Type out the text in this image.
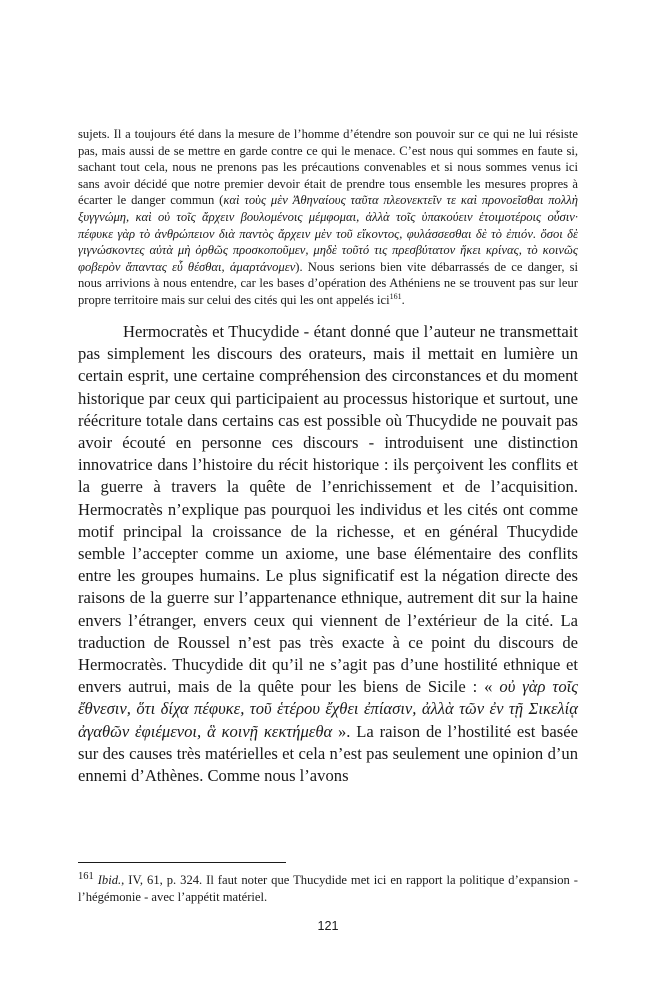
sujets. Il a toujours été dans la mesure de l’homme d’étendre son pouvoir sur ce qui ne lui résiste pas, mais aussi de se mettre en garde contre ce qui le menace. C’est nous qui sommes en faute si, sachant tout cela, nous ne prenons pas les précautions convenables et si nous sommes venus ici sans avoir décidé que notre premier devoir était de prendre tous ensemble les mesures propres à écarter le danger commun (καὶ τοὺς μὲν Ἀθηναίους ταῦτα πλεονεκτεῖν τε καὶ προνοεῖσθαι πολλὴ ξυγγνώμη, καὶ οὐ τοῖς ἄρχειν βουλομένοις μέμφομαι, ἀλλὰ τοῖς ὑπακούειν ἑτοιμοτέροις οὖσιν· πέφυκε γὰρ τὸ ἀνθρώπειον διὰ παντὸς ἄρχειν μὲν τοῦ εἴκοντος, φυλάσσεσθαι δὲ τὸ ἐπιόν. ὅσοι δὲ γιγνώσκοντες αὐτὰ μὴ ὀρθῶς προσκοποῦμεν, μηδὲ τοῦτό τις πρεσβύτατον ἥκει κρίνας, τὸ κοινῶς φοβερὸν ἅπαντας εὖ θέσθαι, ἁμαρτάνομεν). Nous serions bien vite débarrassés de ce danger, si nous arrivions à nous entendre, car les bases d’opération des Athéniens ne se trouvent pas sur leur propre territoire mais sur celui des cités qui les ont appelés ici$^{161}$.

Hermocratès et Thucydide - étant donné que l’auteur ne transmettait pas simplement les discours des orateurs, mais il mettait en lumière un certain esprit, une certaine compréhension des circonstances et du moment historique par ceux qui participaient au processus historique et surtout, une réécriture totale dans certains cas est possible où Thucydide ne pouvait pas avoir écouté en personne ces discours - introduisent une distinction innovatrice dans l’histoire du récit historique : ils perçoivent les conflits et la guerre à travers la quête de l’enrichissement et de l’acquisition. Hermocratès n’explique pas pourquoi les individus et les cités ont comme motif principal la croissance de la richesse, et en général Thucydide semble l’accepter comme un axiome, une base élémentaire des conflits entre les groupes humains. Le plus significatif est la négation directe des raisons de la guerre sur l’appartenance ethnique, autrement dit sur la haine envers l’étranger, envers ceux qui viennent de l’extérieur de la cité. La traduction de Roussel n’est pas très exacte à ce point du discours de Hermocratès. Thucydide dit qu’il ne s’agit pas d’une hostilité ethnique et envers autrui, mais de la quête pour les biens de Sicile : « οὐ γὰρ τοῖς ἔθνεσιν, ὅτι δίχα πέφυκε, τοῦ ἑτέρου ἔχθει ἐπίασιν, ἀλλὰ τῶν ἐν τῇ Σικελίᾳ ἀγαθῶν ἐφιέμενοι, ἃ κοινῇ κεκτήμεθα ». La raison de l’hostilité est basée sur des causes très matérielles et cela n’est pas seulement une opinion d’un ennemi d’Athènes. Comme nous l’avons

$^{161}$ Ibid., IV, 61, p. 324. Il faut noter que Thucydide met ici en rapport la politique d’expansion - l’hégémonie - avec l’appétit matériel.

121
